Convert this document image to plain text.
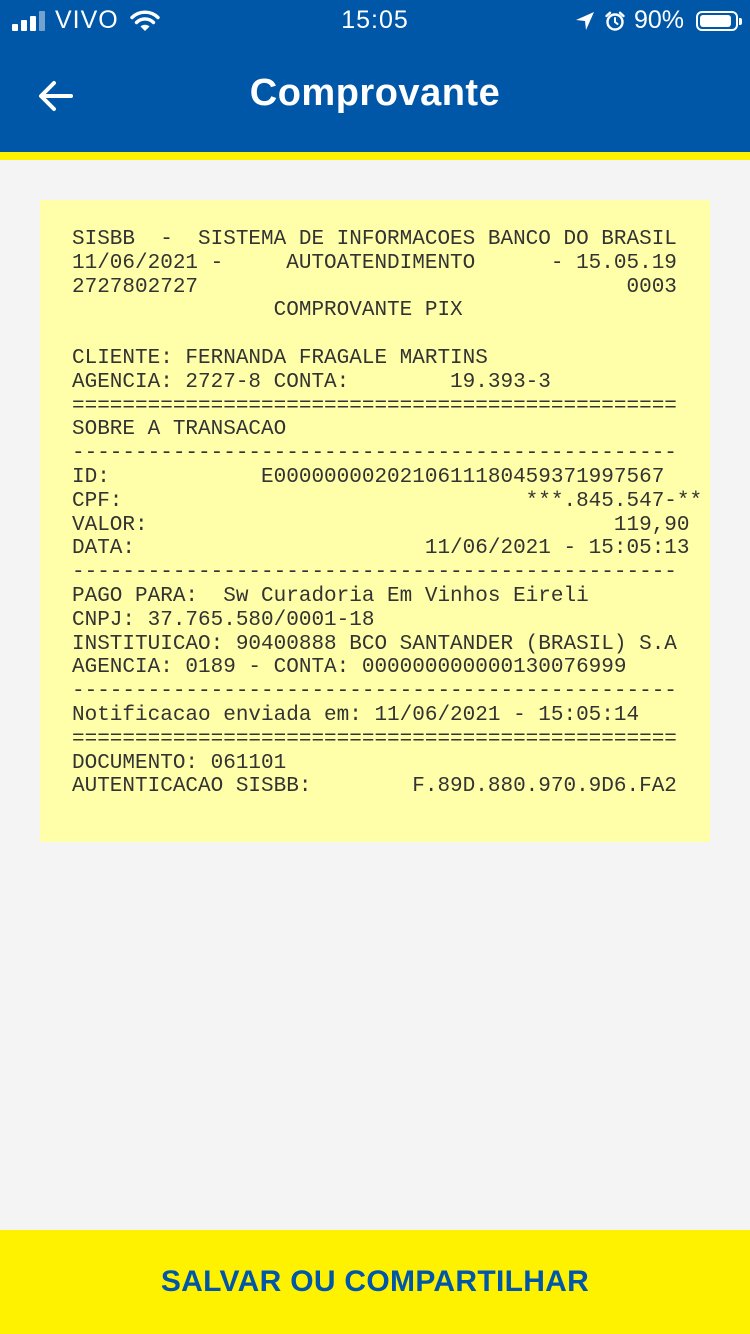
VIVO	15:05	90%
Comprovante
SISBB  -  SISTEMA DE INFORMACOES BANCO DO BRASIL
11/06/2021 -     AUTOATENDIMENTO      - 15.05.19
2727802727                                  0003
COMPROVANTE PIX
CLIENTE: FERNANDA FRAGALE MARTINS
AGENCIA: 2727-8 CONTA:        19.393-3
================================================
SOBRE A TRANSACAO
------------------------------------------------
ID:            E0000000020210611180459371997567
CPF:                                ***.845.547-**
VALOR:                                     119,90
DATA:                       11/06/2021 - 15:05:13
------------------------------------------------
PAGO PARA:  Sw Curadoria Em Vinhos Eireli
CNPJ: 37.765.580/0001-18
INSTITUICAO: 90400888 BCO SANTANDER (BRASIL) S.A
AGENCIA: 0189 - CONTA: 000000000000130076999
------------------------------------------------
Notificacao enviada em: 11/06/2021 - 15:05:14
================================================
DOCUMENTO: 061101
AUTENTICACAO SISBB:        F.89D.880.970.9D6.FA2
SALVAR OU COMPARTILHAR
